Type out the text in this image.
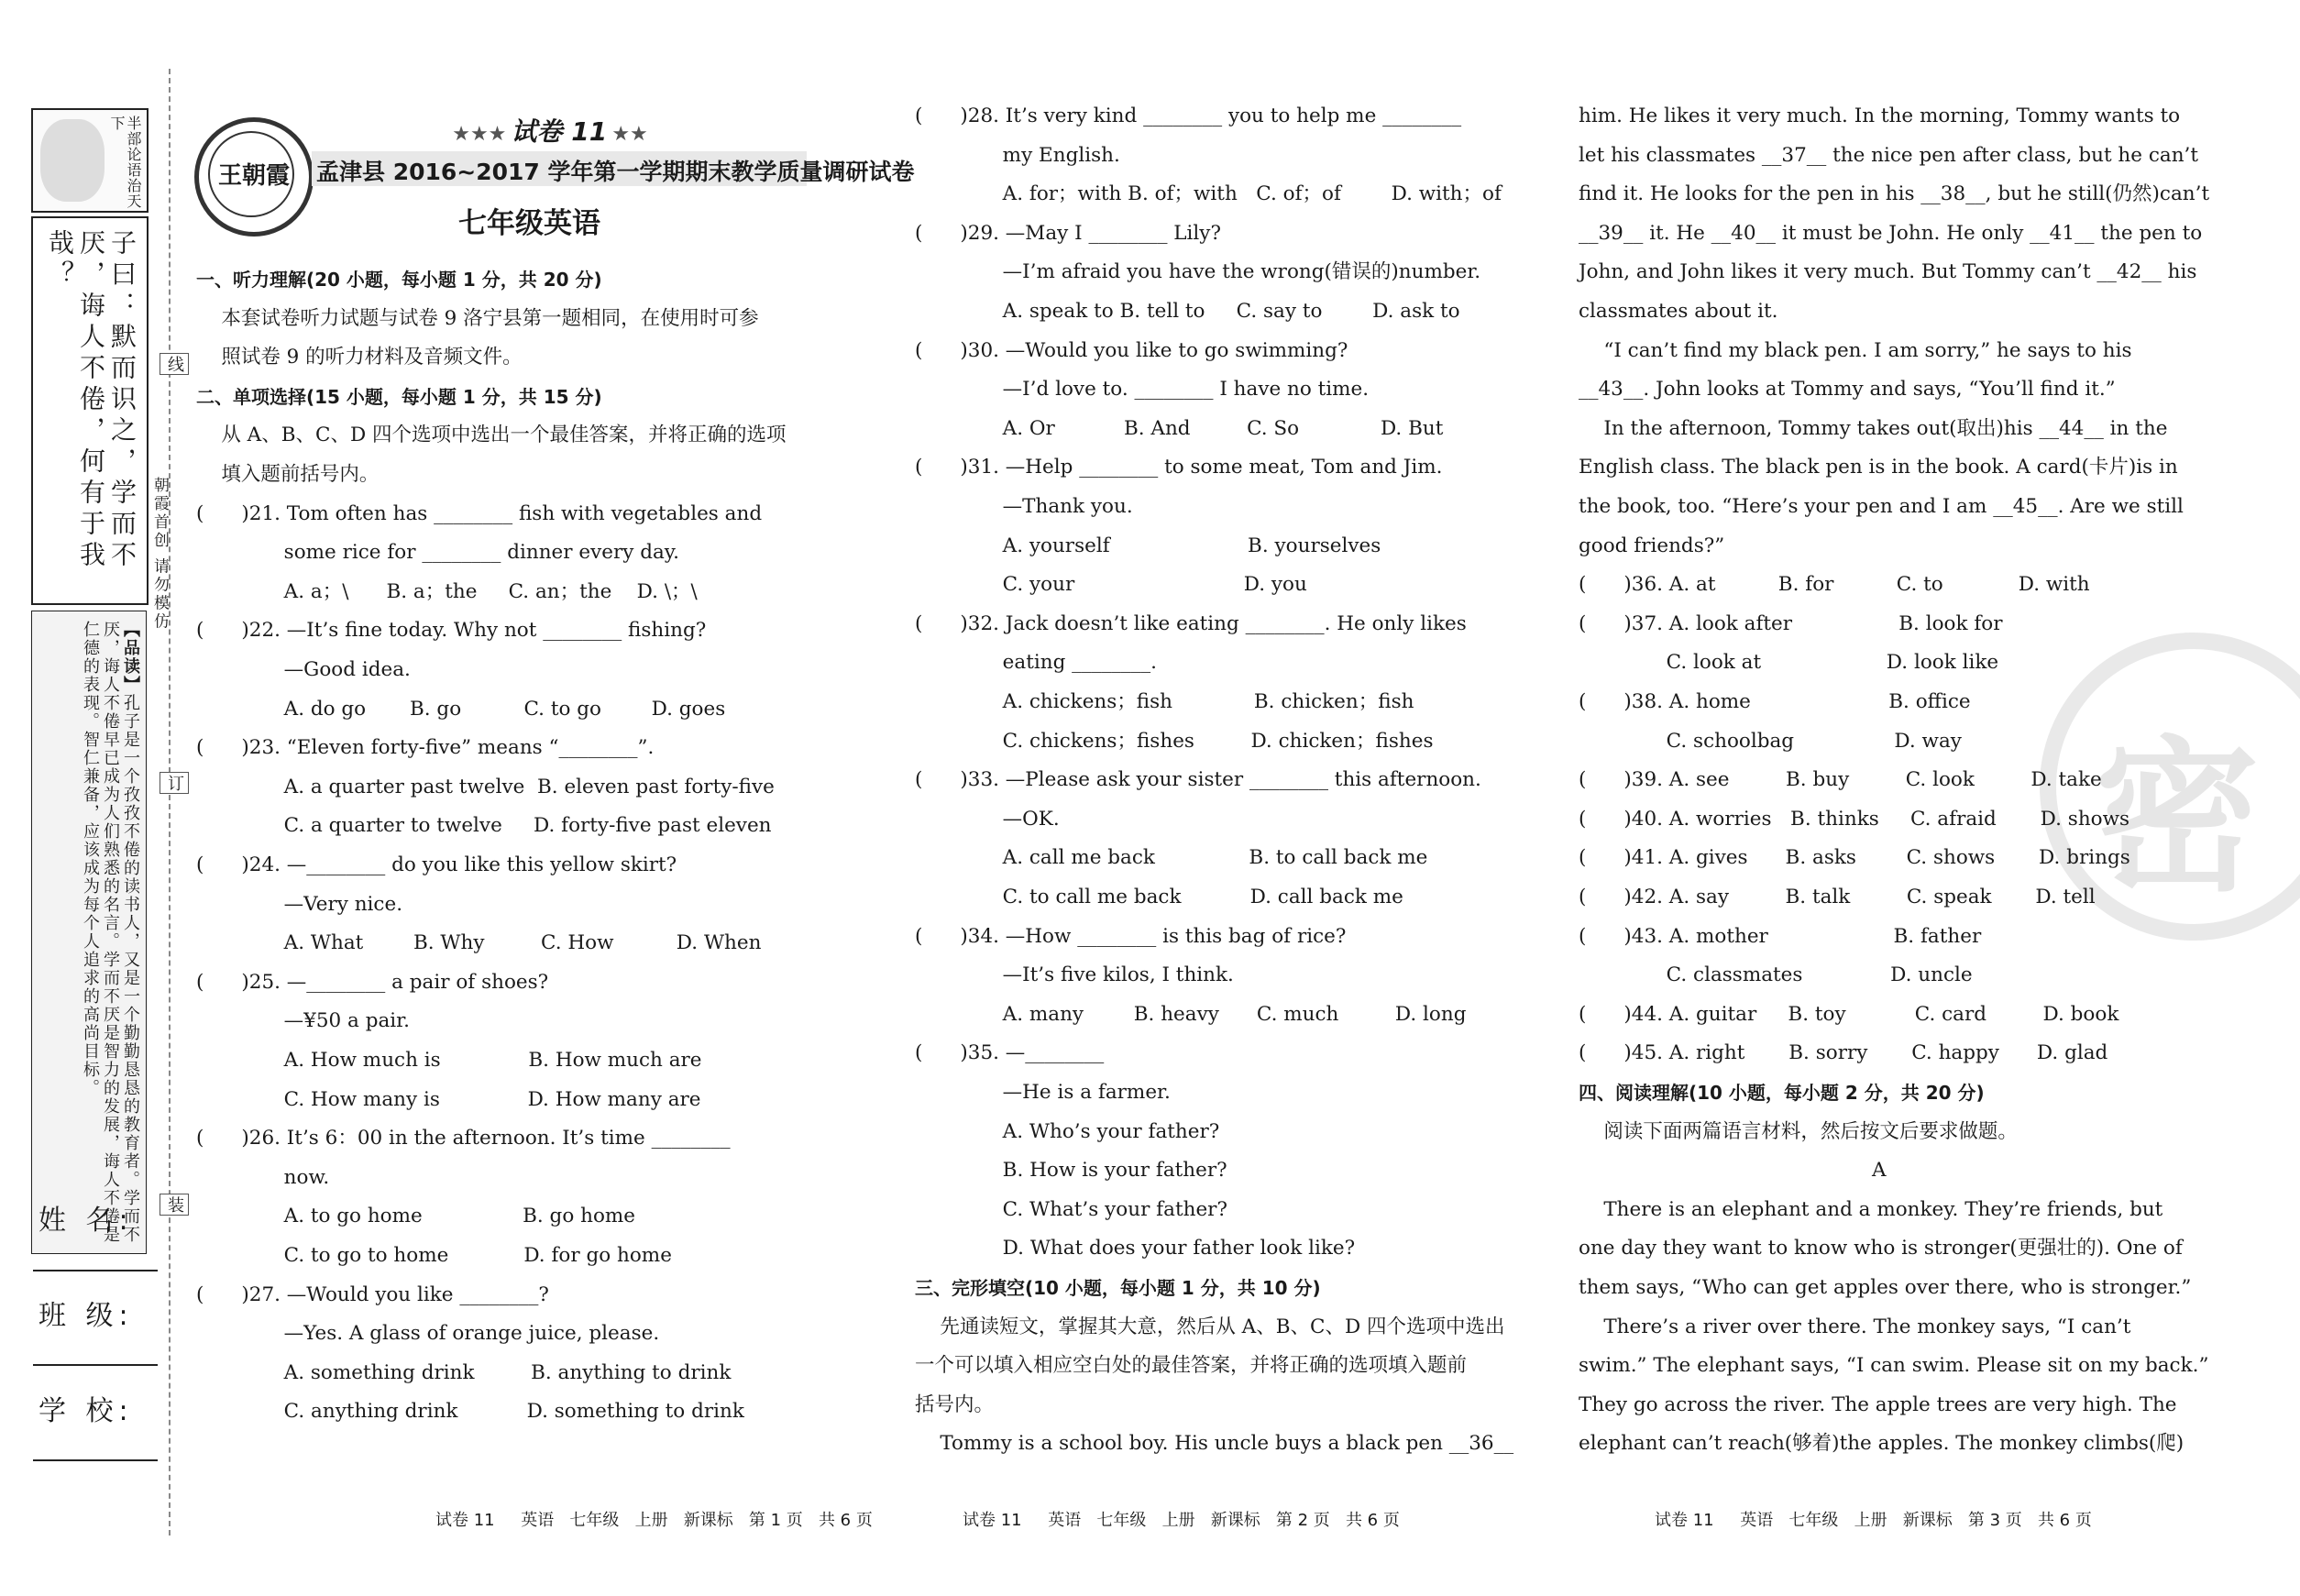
半部论语治天下
子曰：默而识之，学而不厌，诲人不倦，何有于我哉？
【品读】孔子是一个孜孜不倦的读书人，又是一个勤勤恳恳的教育者。学而不厌，诲人不倦早已成为人们熟悉的名言。学而不厌是智力的发展，诲人不倦是仁德的表现。智仁兼备，应该成为每个人追求的高尚目标。
姓 名:
班 级:
学 校:
线
订
装
朝霞首创 请勿模仿
王朝霞
★★★ 试卷 11 ★★
孟津县 2016~2017 学年第一学期期末教学质量调研试卷
七年级英语
密
一、听力理解(20 小题，每小题 1 分，共 20 分)
本套试卷听力试题与试卷 9 洛宁县第一题相同，在使用时可参
照试卷 9 的听力材料及音频文件。
二、单项选择(15 小题，每小题 1 分，共 15 分)
从 A、B、C、D 四个选项中选出一个最佳答案，并将正确的选项
填入题前括号内。
(      )21. Tom often has ________ fish with vegetables and
some rice for ________ dinner every day.
A. a；\      B. a；the     C. an；the    D. \；\
(      )22. —It’s fine today. Why not ________ fishing?
—Good idea.
A. do go       B. go          C. to go        D. goes
(      )23. “Eleven forty-five” means “________”.
A. a quarter past twelve  B. eleven past forty-five
C. a quarter to twelve     D. forty-five past eleven
(      )24. —________ do you like this yellow skirt?
—Very nice.
A. What        B. Why         C. How          D. When
(      )25. —________ a pair of shoes?
—¥50 a pair.
A. How much is              B. How much are
C. How many is              D. How many are
(      )26. It’s 6：00 in the afternoon. It’s time ________
now.
A. to go home                B. go home
C. to go to home            D. for go home
(      )27. —Would you like ________?
—Yes. A glass of orange juice, please.
A. something drink         B. anything to drink
C. anything drink           D. something to drink
(      )28. It’s very kind ________ you to help me ________
my English.
A. for；with B. of；with   C. of；of        D. with；of
(      )29. —May I ________ Lily?
—I’m afraid you have the wrong(错误的)number.
A. speak to B. tell to     C. say to        D. ask to
(      )30. —Would you like to go swimming?
—I’d love to. ________ I have no time.
A. Or           B. And         C. So             D. But
(      )31. —Help ________ to some meat, Tom and Jim.
—Thank you.
A. yourself                      B. yourselves
C. your                           D. you
(      )32. Jack doesn’t like eating ________. He only likes
eating ________.
A. chickens；fish             B. chicken；fish
C. chickens；fishes         D. chicken；fishes
(      )33. —Please ask your sister ________ this afternoon.
—OK.
A. call me back               B. to call back me
C. to call me back           D. call back me
(      )34. —How ________ is this bag of rice?
—It’s five kilos, I think.
A. many        B. heavy      C. much         D. long
(      )35. —________
—He is a farmer.
A. Who’s your father?
B. How is your father?
C. What’s your father?
D. What does your father look like?
三、完形填空(10 小题，每小题 1 分，共 10 分)
先通读短文，掌握其大意，然后从 A、B、C、D 四个选项中选出
一个可以填入相应空白处的最佳答案，并将正确的选项填入题前
括号内。
Tommy is a school boy. His uncle buys a black pen __36__
him. He likes it very much. In the morning, Tommy wants to
let his classmates __37__ the nice pen after class, but he can’t
find it. He looks for the pen in his __38__, but he still(仍然)can’t
__39__ it. He __40__ it must be John. He only __41__ the pen to
John, and John likes it very much. But Tommy can’t __42__ his
classmates about it.
“I can’t find my black pen. I am sorry,” he says to his
__43__. John looks at Tommy and says, “You’ll find it.”
In the afternoon, Tommy takes out(取出)his __44__ in the
English class. The black pen is in the book. A card(卡片)is in
the book, too. “Here’s your pen and I am __45__. Are we still
good friends?”
(      )36. A. at          B. for          C. to            D. with
(      )37. A. look after                 B. look for
C. look at                    D. look like
(      )38. A. home                      B. office
C. schoolbag                D. way
(      )39. A. see         B. buy         C. look         D. take
(      )40. A. worries   B. thinks     C. afraid       D. shows
(      )41. A. gives      B. asks        C. shows       D. brings
(      )42. A. say         B. talk         C. speak       D. tell
(      )43. A. mother                    B. father
C. classmates              D. uncle
(      )44. A. guitar     B. toy           C. card         D. book
(      )45. A. right       B. sorry       C. happy      D. glad
四、阅读理解(10 小题，每小题 2 分，共 20 分)
阅读下面两篇语言材料，然后按文后要求做题。
A
There is an elephant and a monkey. They’re friends, but
one day they want to know who is stronger(更强壮的). One of
them says, “Who can get apples over there, who is stronger.”
There’s a river over there. The monkey says, “I can’t
swim.” The elephant says, “I can swim. Please sit on my back.”
They go across the river. The apple trees are very high. The
elephant can’t reach(够着)the apples. The monkey climbs(爬)
试卷 11     英语   七年级   上册   新课标   第 1 页   共 6 页	试卷 11     英语   七年级   上册   新课标   第 2 页   共 6 页	试卷 11     英语   七年级   上册   新课标   第 3 页   共 6 页
